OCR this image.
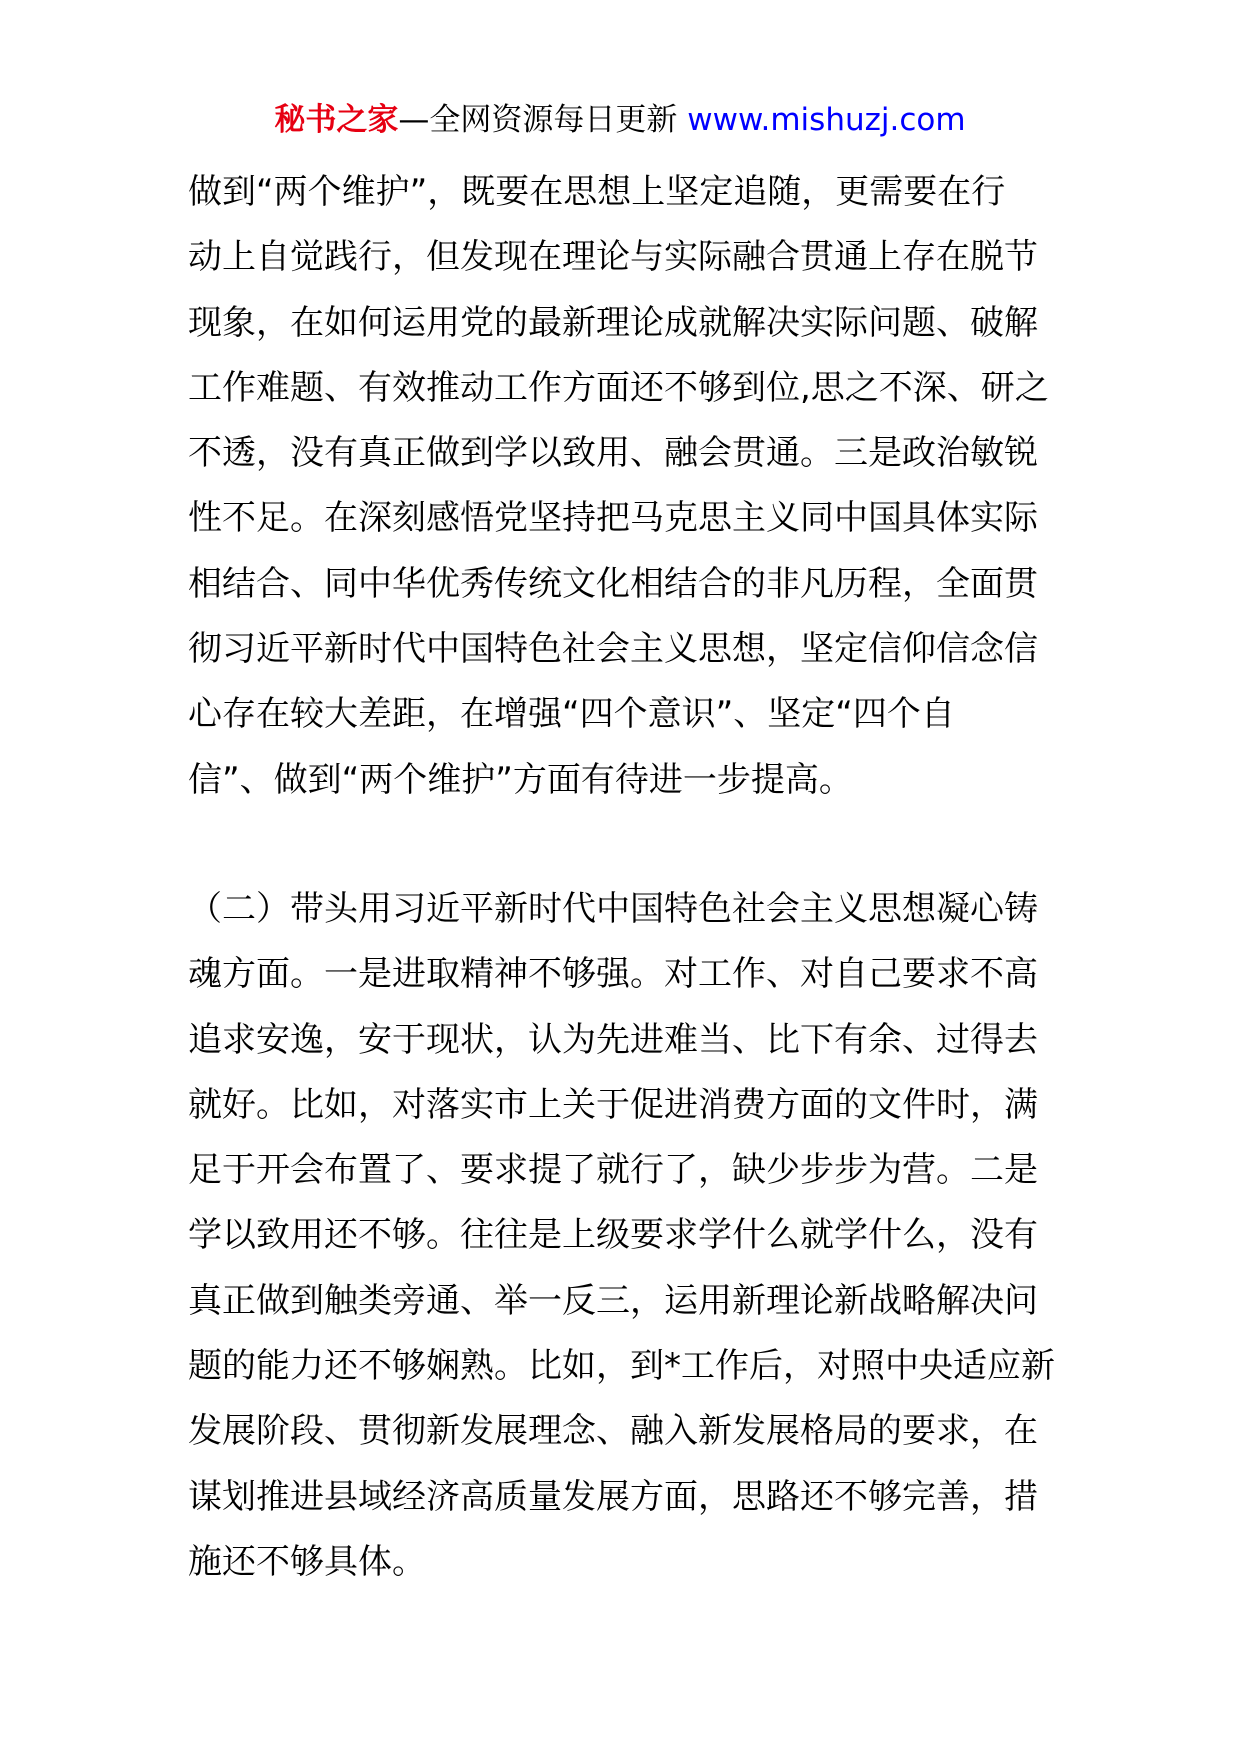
秘书之家—全网资源每日更新 www.mishuzj.com
做到“两个维护”，既要在思想上坚定追随，更需要在行
动上自觉践行，但发现在理论与实际融合贯通上存在脱节
现象，在如何运用党的最新理论成就解决实际问题、破解
工作难题、有效推动工作方面还不够到位,思之不深、研之
不透，没有真正做到学以致用、融会贯通。三是政治敏锐
性不足。在深刻感悟党坚持把马克思主义同中国具体实际
相结合、同中华优秀传统文化相结合的非凡历程，全面贯
彻习近平新时代中国特色社会主义思想，坚定信仰信念信
心存在较大差距，在增强“四个意识”、坚定“四个自
信”、做到“两个维护”方面有待进一步提高。
（二）带头用习近平新时代中国特色社会主义思想凝心铸
魂方面。一是进取精神不够强。对工作、对自己要求不高
追求安逸，安于现状，认为先进难当、比下有余、过得去
就好。比如，对落实市上关于促进消费方面的文件时，满
足于开会布置了、要求提了就行了，缺少步步为营。二是
学以致用还不够。往往是上级要求学什么就学什么，没有
真正做到触类旁通、举一反三，运用新理论新战略解决问
题的能力还不够娴熟。比如，到*工作后，对照中央适应新
发展阶段、贯彻新发展理念、融入新发展格局的要求，在
谋划推进县域经济高质量发展方面，思路还不够完善，措
施还不够具体。
